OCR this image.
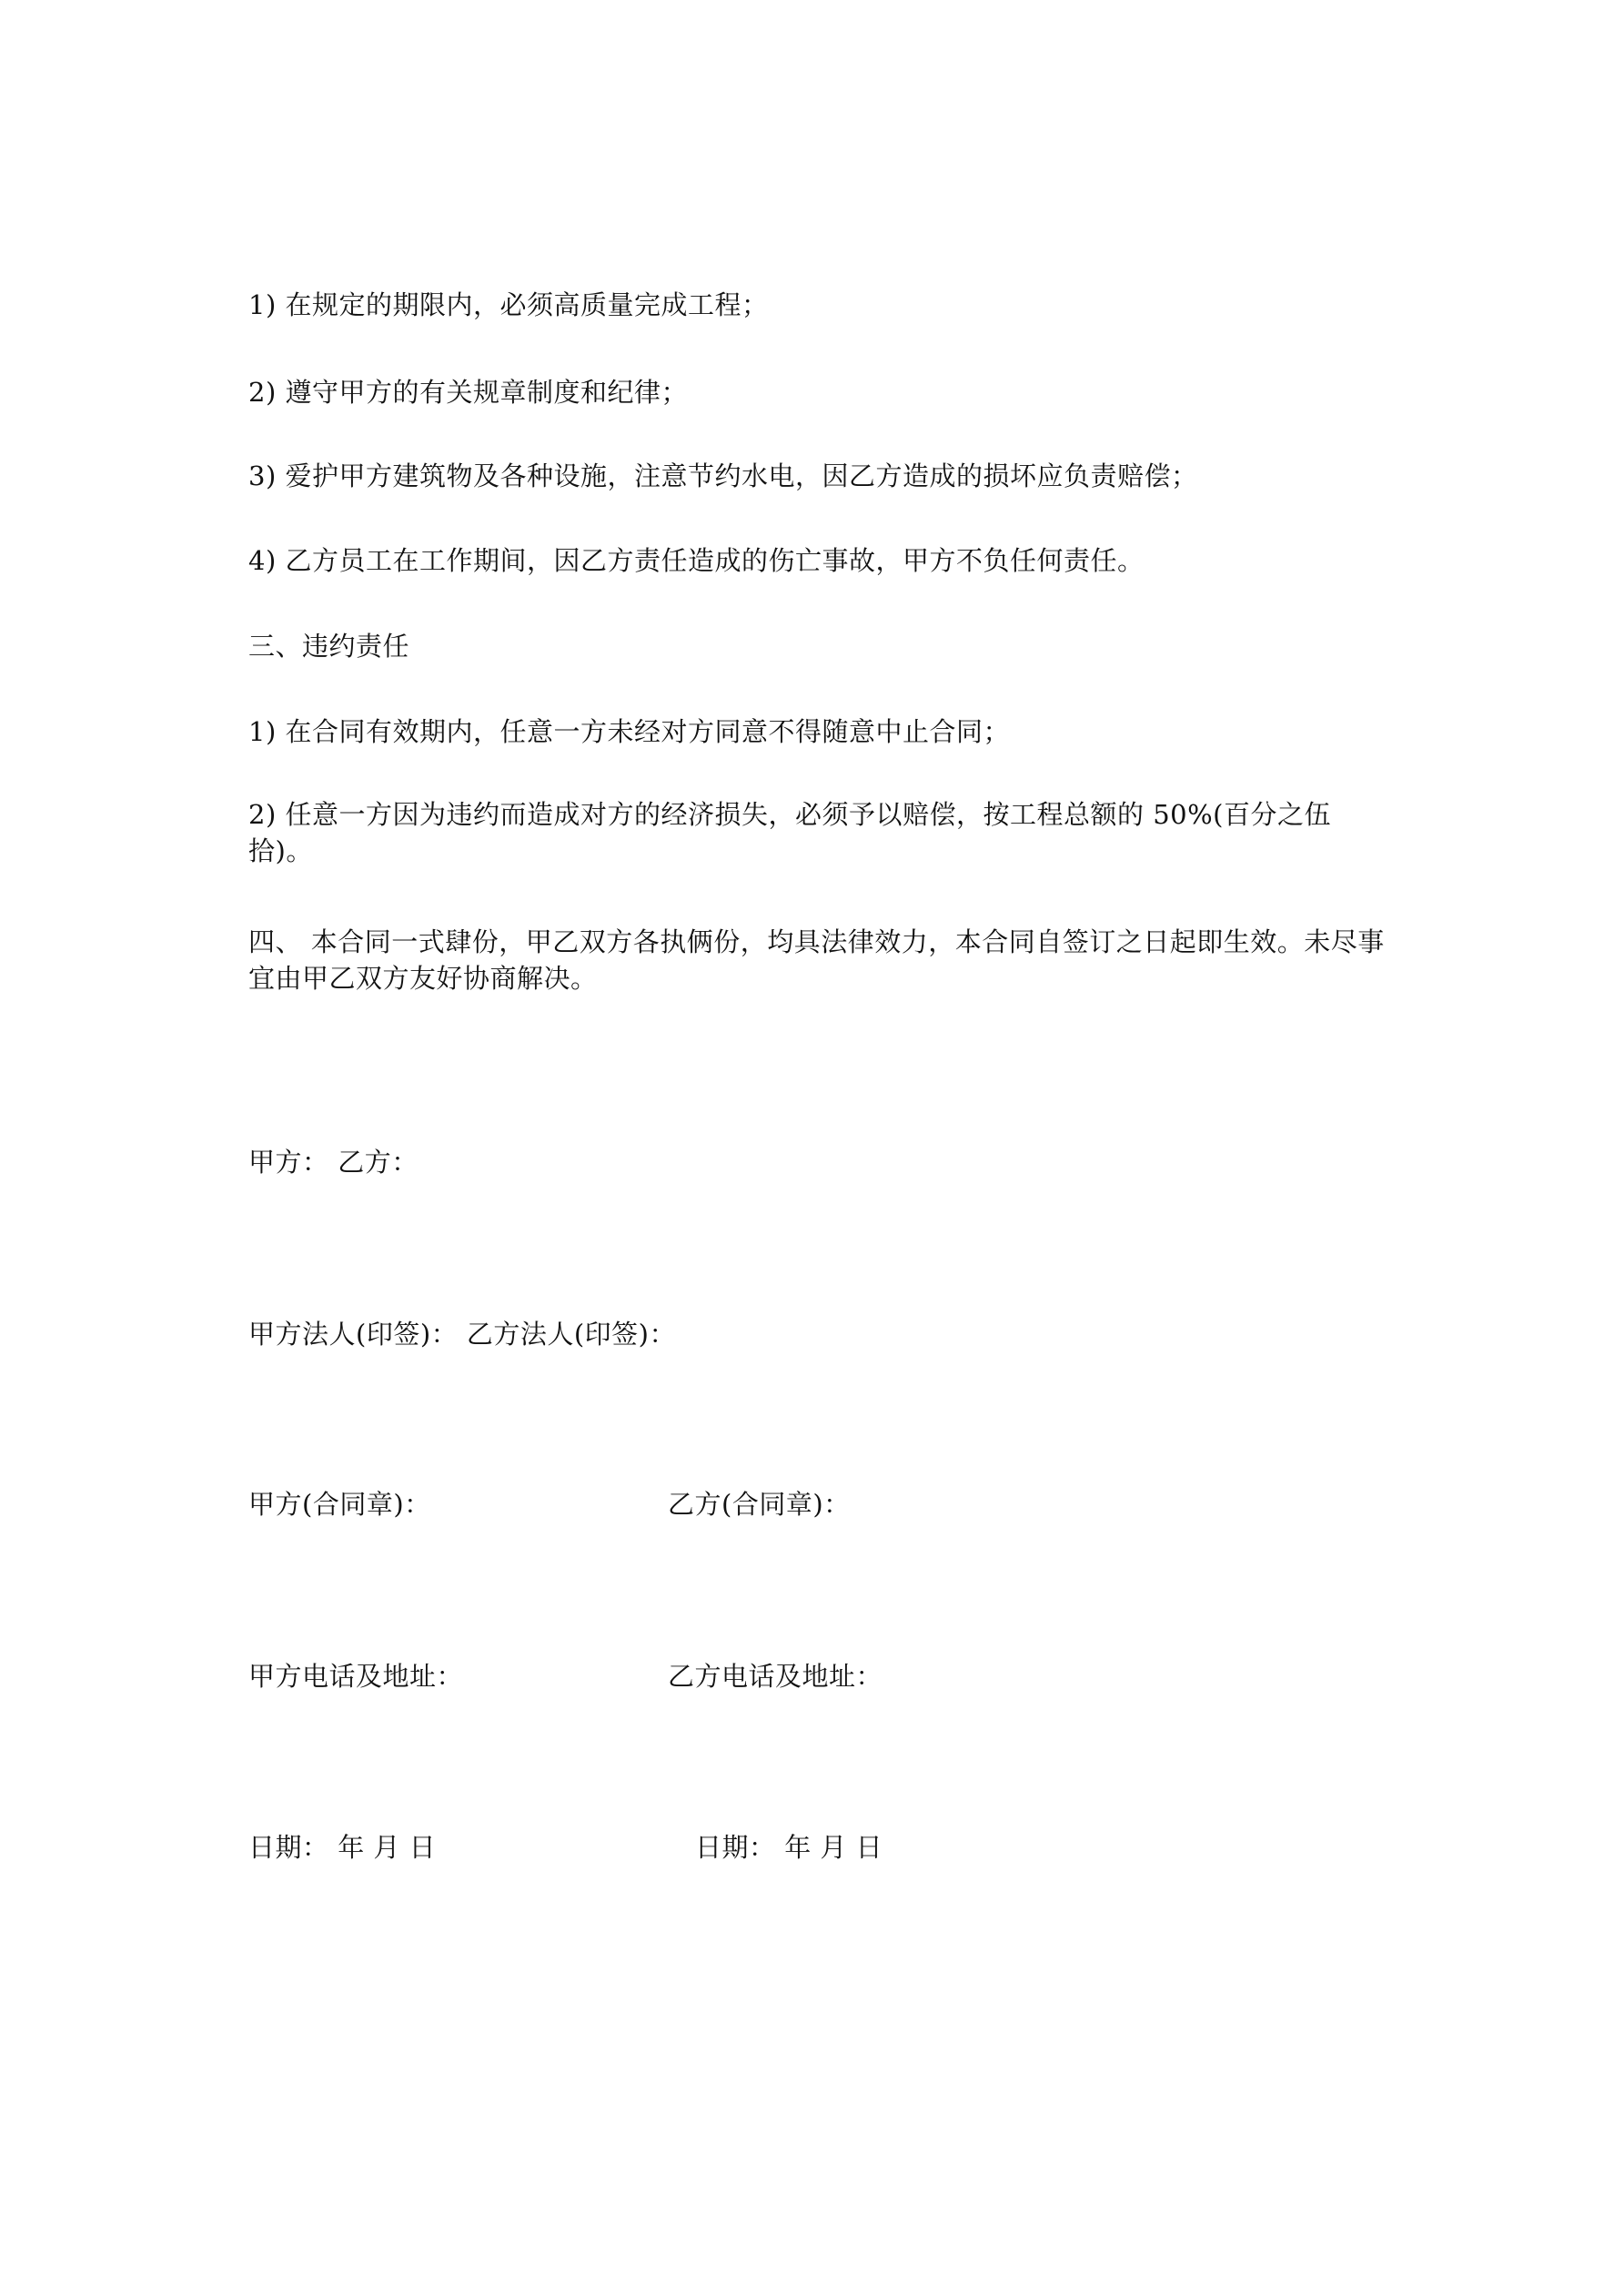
1) 在规定的期限内，必须高质量完成工程；
2) 遵守甲方的有关规章制度和纪律；
3) 爱护甲方建筑物及各种设施，注意节约水电，因乙方造成的损坏应负责赔偿；
4) 乙方员工在工作期间，因乙方责任造成的伤亡事故，甲方不负任何责任。
三、违约责任
1) 在合同有效期内，任意一方未经对方同意不得随意中止合同；
2) 任意一方因为违约而造成对方的经济损失，必须予以赔偿，按工程总额的 50%(百分之伍拾)。
四、 本合同一式肆份，甲乙双方各执俩份，均具法律效力，本合同自签订之日起即生效。未尽事宜由甲乙双方友好协商解决。
甲方： 乙方：
甲方法人(印签)： 乙方法人(印签)：
甲方(合同章)：	乙方(合同章)：
甲方电话及地址：	乙方电话及地址：
日期： 年 月 日	日期： 年 月 日
